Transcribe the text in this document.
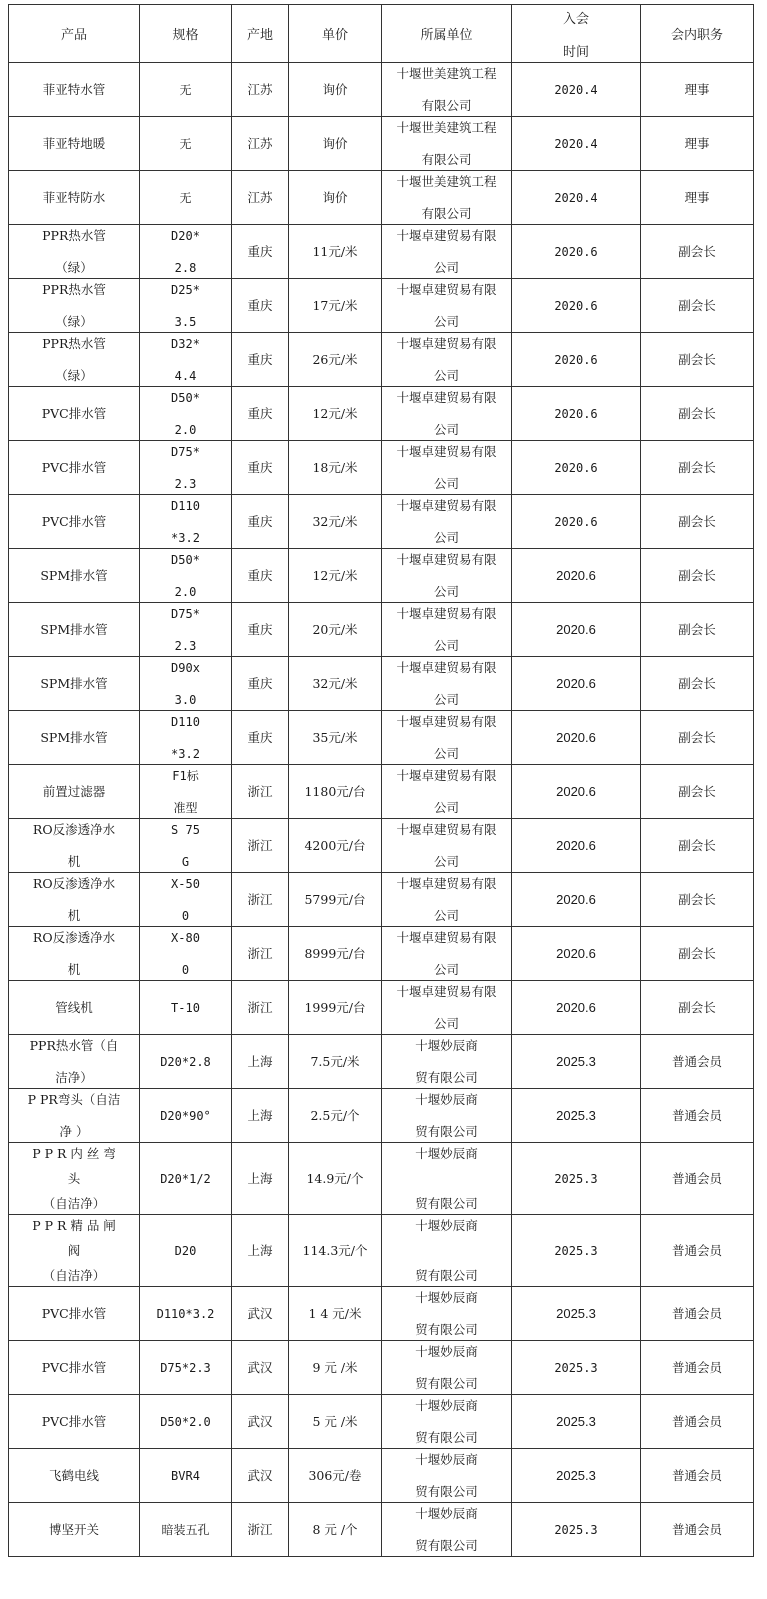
产品	规格	产地	单价	所属单位	入会
时间	会内职务

菲亚特水管	无	江苏	询价	十堰世美建筑工程
有限公司	2020.4	理事

菲亚特地暖	无	江苏	询价	十堰世美建筑工程
有限公司	2020.4	理事

菲亚特防水	无	江苏	询价	十堰世美建筑工程
有限公司	2020.4	理事

PPR热水管
（绿）	D20*
2.8	重庆	11元/米	十堰卓建贸易有限
公司	2020.6	副会长

PPR热水管
（绿）	D25*
3.5	重庆	17元/米	十堰卓建贸易有限
公司	2020.6	副会长

PPR热水管
（绿）	D32*
4.4	重庆	26元/米	十堰卓建贸易有限
公司	2020.6	副会长

PVC排水管	D50*
2.0	重庆	12元/米	十堰卓建贸易有限
公司	2020.6	副会长

PVC排水管	D75*
2.3	重庆	18元/米	十堰卓建贸易有限
公司	2020.6	副会长

PVC排水管	D110
*3.2	重庆	32元/米	十堰卓建贸易有限
公司	2020.6	副会长

SPM排水管	D50*
2.0	重庆	12元/米	十堰卓建贸易有限
公司	2020.6	副会长

SPM排水管	D75*
2.3	重庆	20元/米	十堰卓建贸易有限
公司	2020.6	副会长

SPM排水管	D90x
3.0	重庆	32元/米	十堰卓建贸易有限
公司	2020.6	副会长

SPM排水管	D110
*3.2	重庆	35元/米	十堰卓建贸易有限
公司	2020.6	副会长

前置过滤器	F1标
准型	浙江	1180元/台	十堰卓建贸易有限
公司	2020.6	副会长

RO反渗透净水
机	S 75
G	浙江	4200元/台	十堰卓建贸易有限
公司	2020.6	副会长

RO反渗透净水
机	X-50
0	浙江	5799元/台	十堰卓建贸易有限
公司	2020.6	副会长

RO反渗透净水
机	X-80
0	浙江	8999元/台	十堰卓建贸易有限
公司	2020.6	副会长

管线机	T-10	浙江	1999元/台	十堰卓建贸易有限
公司	2020.6	副会长

PPR热水管（自
洁净）	D20*2.8	上海	7.5元/米	十堰妙辰商
贸有限公司	2025.3	普通会员

P PR弯头（自洁
净 ）	D20*90°	上海	2.5元/个	十堰妙辰商
贸有限公司	2025.3	普通会员

P P R 内 丝 弯
头
（自洁净）	D20*1/2	上海	14.9元/个	十堰妙辰商
贸有限公司	2025.3	普通会员

P P R 精 品 闸
阀
（自洁净）	D20	上海	114.3元/个	十堰妙辰商
贸有限公司	2025.3	普通会员

PVC排水管	D110*3.2	武汉	1 4 元/米	十堰妙辰商
贸有限公司	2025.3	普通会员

PVC排水管	D75*2.3	武汉	9 元 /米	十堰妙辰商
贸有限公司	2025.3	普通会员

PVC排水管	D50*2.0	武汉	5 元 /米	十堰妙辰商
贸有限公司	2025.3	普通会员

飞鹤电线	BVR4	武汉	306元/卷	十堰妙辰商
贸有限公司	2025.3	普通会员

博坚开关	暗装五孔	浙江	8 元 /个	十堰妙辰商
贸有限公司	2025.3	普通会员
